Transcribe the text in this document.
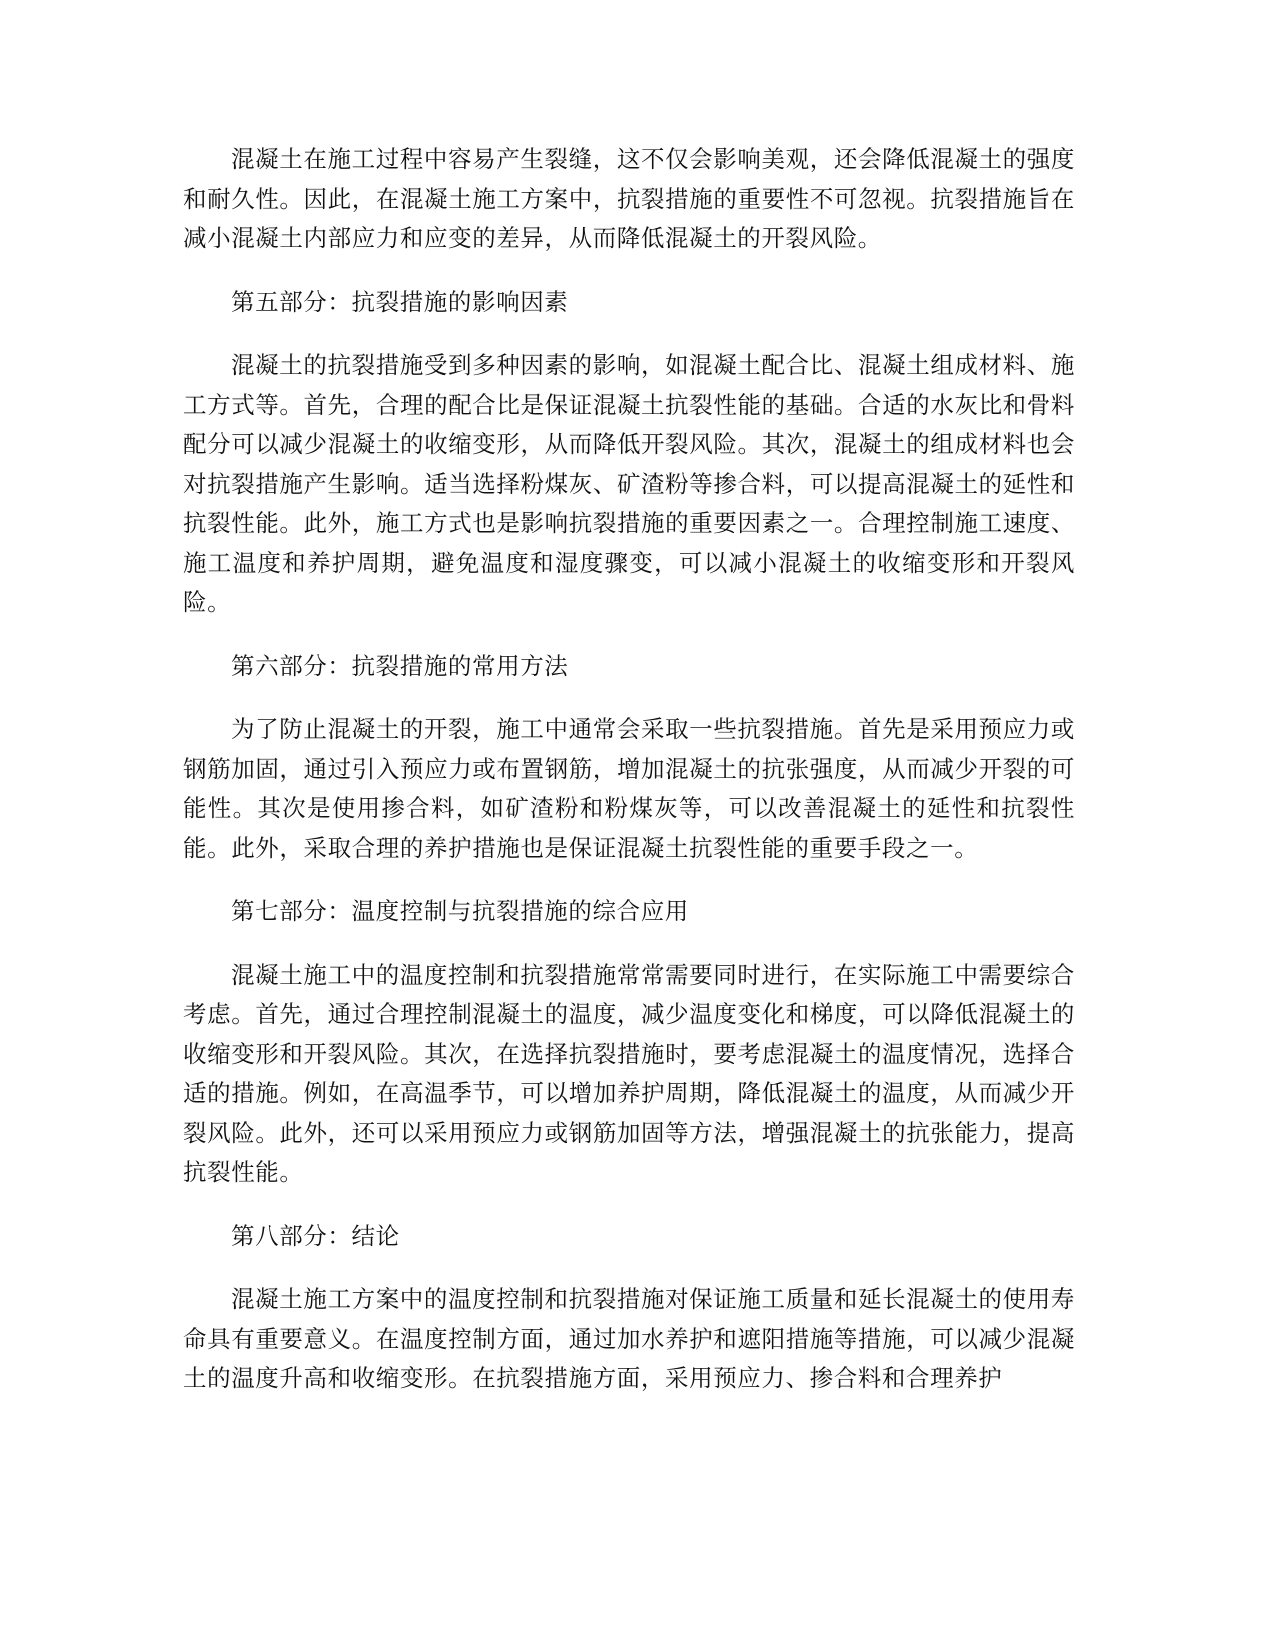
混凝土在施工过程中容易产生裂缝，这不仅会影响美观，还会降低混凝土的强度和耐久性。因此，在混凝土施工方案中，抗裂措施的重要性不可忽视。抗裂措施旨在减小混凝土内部应力和应变的差异，从而降低混凝土的开裂风险。

第五部分：抗裂措施的影响因素

混凝土的抗裂措施受到多种因素的影响，如混凝土配合比、混凝土组成材料、施工方式等。首先，合理的配合比是保证混凝土抗裂性能的基础。合适的水灰比和骨料配分可以减少混凝土的收缩变形，从而降低开裂风险。其次，混凝土的组成材料也会对抗裂措施产生影响。适当选择粉煤灰、矿渣粉等掺合料，可以提高混凝土的延性和抗裂性能。此外，施工方式也是影响抗裂措施的重要因素之一。合理控制施工速度、施工温度和养护周期，避免温度和湿度骤变，可以减小混凝土的收缩变形和开裂风险。

第六部分：抗裂措施的常用方法

为了防止混凝土的开裂，施工中通常会采取一些抗裂措施。首先是采用预应力或钢筋加固，通过引入预应力或布置钢筋，增加混凝土的抗张强度，从而减少开裂的可能性。其次是使用掺合料，如矿渣粉和粉煤灰等，可以改善混凝土的延性和抗裂性能。此外，采取合理的养护措施也是保证混凝土抗裂性能的重要手段之一。

第七部分：温度控制与抗裂措施的综合应用

混凝土施工中的温度控制和抗裂措施常常需要同时进行，在实际施工中需要综合考虑。首先，通过合理控制混凝土的温度，减少温度变化和梯度，可以降低混凝土的收缩变形和开裂风险。其次，在选择抗裂措施时，要考虑混凝土的温度情况，选择合适的措施。例如，在高温季节，可以增加养护周期，降低混凝土的温度，从而减少开裂风险。此外，还可以采用预应力或钢筋加固等方法，增强混凝土的抗张能力，提高抗裂性能。

第八部分：结论

混凝土施工方案中的温度控制和抗裂措施对保证施工质量和延长混凝土的使用寿命具有重要意义。在温度控制方面，通过加水养护和遮阳措施等措施，可以减少混凝土的温度升高和收缩变形。在抗裂措施方面，采用预应力、掺合料和合理养护
